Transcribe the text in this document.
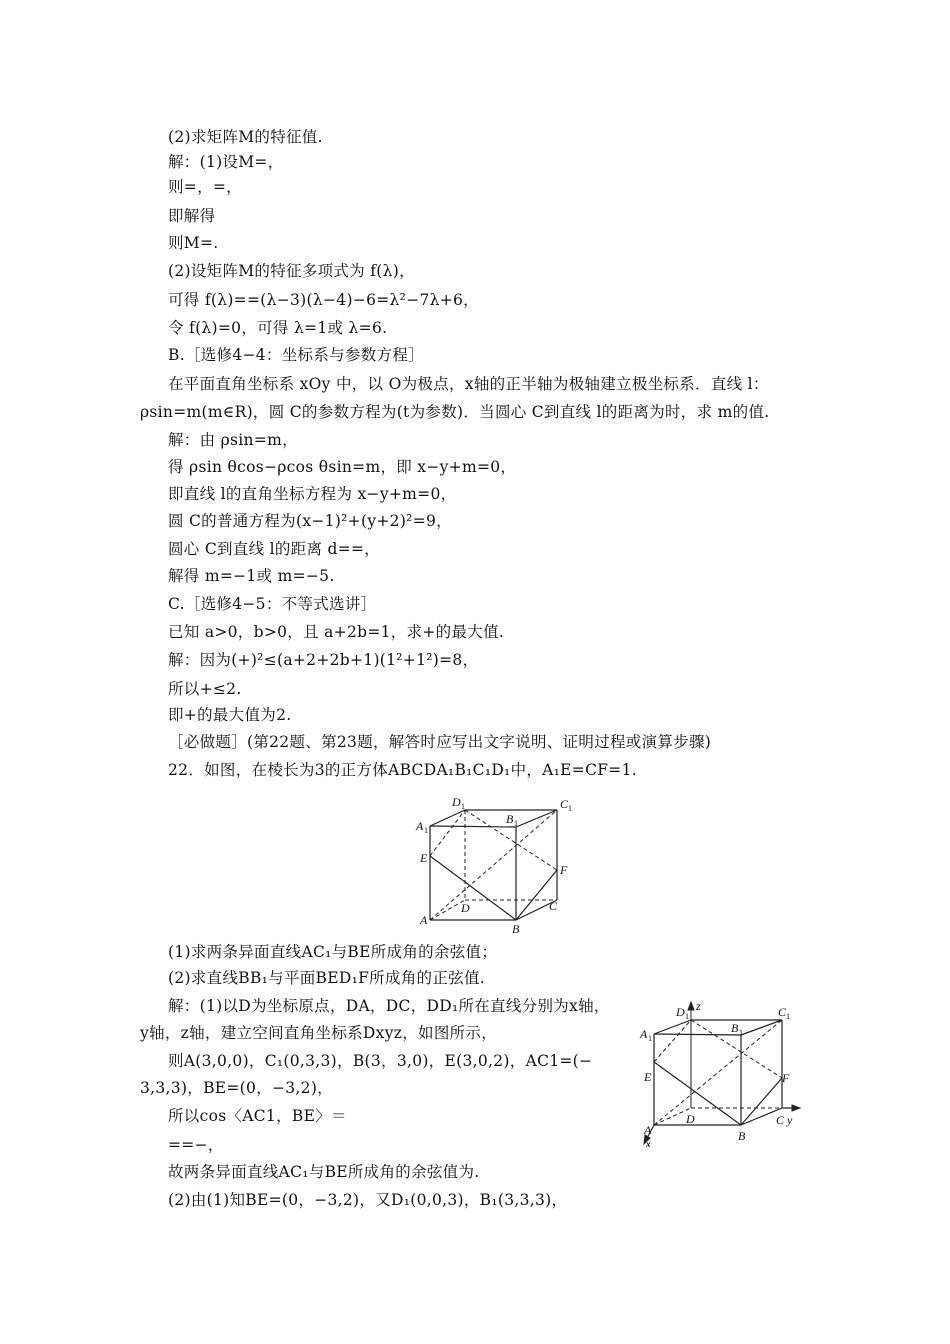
(2)求矩阵M的特征值.
解：(1)设M=，
则=，=，
即解得
则M=.
(2)设矩阵M的特征多项式为 f(λ)，
可得 f(λ)==(λ−3)(λ−4)−6=λ²−7λ+6，
令 f(λ)=0，可得 λ=1或 λ=6.
B.［选修4−4：坐标系与参数方程］
在平面直角坐标系 xOy 中，以 O为极点，x轴的正半轴为极轴建立极坐标系．直线 l：
ρsin=m(m∈R)，圆 C的参数方程为(t为参数)．当圆心 C到直线 l的距离为时，求 m的值.
解：由 ρsin=m，
得 ρsin θcos−ρcos θsin=m，即 x−y+m=0，
即直线 l的直角坐标方程为 x−y+m=0，
圆 C的普通方程为(x−1)²+(y+2)²=9，
圆心 C到直线 l的距离 d==，
解得 m=−1或 m=−5.
C.［选修4−5：不等式选讲］
已知 a>0，b>0，且 a+2b=1，求+的最大值.
解：因为(+)²≤(a+2+2b+1)(1²+1²)=8，
所以+≤2.
即+的最大值为2.
［必做题］(第22题、第23题，解答时应写出文字说明、证明过程或演算步骤)
22．如图，在棱长为3的正方体ABCDA₁B₁C₁D₁中，A₁E=CF=1.
D 1	C 1
A 1
B 1
E
F
D
A
B
C
(1)求两条异面直线AC₁与BE所成角的余弦值；
(2)求直线BB₁与平面BED₁F所成角的正弦值.
解：(1)以D为坐标原点，DA，DC，DD₁所在直线分别为x轴，
y轴，z轴，建立空间直角坐标系Dxyz，如图所示，
则A(3,0,0)，C₁(0,3,3)，B(3，3,0)，E(3,0,2)，AC1=(−
3,3,3)，BE=(0，−3,2)，
所以cos〈AC1，BE〉＝
==−，
故两条异面直线AC₁与BE所成角的余弦值为.
(2)由(1)知BE=(0，−3,2)，又D₁(0,0,3)，B₁(3,3,3)，
D 1
z	C 1
A 1
B 1
E	F
D
A	B
C y
x
